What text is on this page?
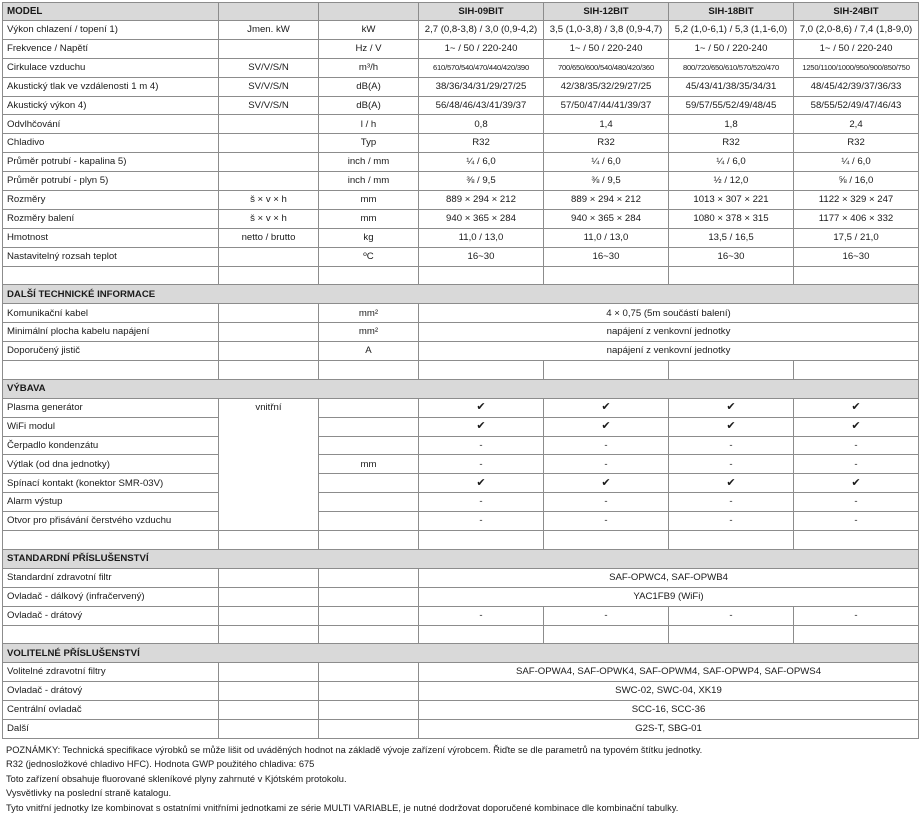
MODEL			SIH-09BIT	SIH-12BIT	SIH-18BIT	SIH-24BIT
Výkon chlazení / topení 1)	Jmen. kW	kW	2,7 (0,8-3,8) / 3,0 (0,9-4,2)	3,5 (1,0-3,8) / 3,8 (0,9-4,7)	5,2 (1,0-6,1) / 5,3 (1,1-6,0)	7,0 (2,0-8,6) / 7,4 (1,8-9,0)
Frekvence / Napětí		Hz / V	1~ / 50 / 220-240	1~ / 50 / 220-240	1~ / 50 / 220-240	1~ / 50 / 220-240
Cirkulace vzduchu	SV/V/S/N	m³/h	610/570/540/470/440/420/390	700/650/600/540/480/420/360	800/720/650/610/570/520/470	1250/1100/1000/950/900/850/750
Akustický tlak ve vzdálenosti 1 m 4)	SV/V/S/N	dB(A)	38/36/34/31/29/27/25	42/38/35/32/29/27/25	45/43/41/38/35/34/31	48/45/42/39/37/36/33
Akustický výkon 4)	SV/V/S/N	dB(A)	56/48/46/43/41/39/37	57/50/47/44/41/39/37	59/57/55/52/49/48/45	58/55/52/49/47/46/43
Odvlhčování		l / h	0,8	1,4	1,8	2,4
Chladivo		Typ	R32	R32	R32	R32
Průměr potrubí - kapalina 5)		inch / mm	¼ / 6,0	¼ / 6,0	¼ / 6,0	¼ / 6,0
Průměr potrubí - plyn 5)		inch / mm	⅜ / 9,5	⅜ / 9,5	½ / 12,0	⅝ / 16,0
Rozměry	š × v × h	mm	889 × 294 × 212	889 × 294 × 212	1013 × 307 × 221	1122 × 329 × 247
Rozměry balení	š × v × h	mm	940 × 365 × 284	940 × 365 × 284	1080 × 378 × 315	1177 × 406 × 332
Hmotnost	netto / brutto	kg	11,0 / 13,0	11,0 / 13,0	13,5 / 16,5	17,5 / 21,0
Nastavitelný rozsah teplot		ºC	16~30	16~30	16~30	16~30

DALŠÍ TECHNICKÉ INFORMACE						
Komunikační kabel		mm²	4 × 0,75 (5m součástí balení)			
Minimální plocha kabelu napájení		mm²	napájení z venkovní jednotky			
Doporučený jistič		A	napájení z venkovní jednotky			

VÝBAVA						
Plasma generátor	vnitřní		✔	✔	✔	✔
WiFi modul			✔	✔	✔	✔
Čerpadlo kondenzátu			-	-	-	-
Výtlak (od dna jednotky)		mm	-	-	-	-
Spínací kontakt (konektor SMR-03V)			✔	✔	✔	✔
Alarm výstup			-	-	-	-
Otvor pro přisávání čerstvého vzduchu			-	-	-	-

STANDARDNÍ PŘÍSLUŠENSTVÍ						
Standardní zdravotní filtr			SAF-OPWC4, SAF-OPWB4			
Ovladač - dálkový (infračervený)			YAC1FB9 (WiFi)			
Ovladač - drátový			-	-	-	-

VOLITELNÉ PŘÍSLUŠENSTVÍ						
Volitelné zdravotní filtry			SAF-OPWA4, SAF-OPWK4, SAF-OPWM4, SAF-OPWP4, SAF-OPWS4			
Ovladač - drátový			SWC-02, SWC-04, XK19			
Centrální ovladač			SCC-16, SCC-36			
Další			G2S-T, SBG-01			
POZNÁMKY: Technická specifikace výrobků se může lišit od uváděných hodnot na základě vývoje zařízení výrobcem. Řiďte se dle parametrů na typovém štítku jednotky.
R32 (jednosložkové chladivo HFC). Hodnota GWP použitého chladiva: 675
Toto zařízení obsahuje fluorované skleníkové plyny zahrnuté v Kjótském protokolu.
Vysvětlivky na poslední straně katalogu.
Tyto vnitřní jednotky lze kombinovat s ostatními vnitřními jednotkami ze série MULTI VARIABLE, je nutné dodržovat doporučené kombinace dle kombinační tabulky.
